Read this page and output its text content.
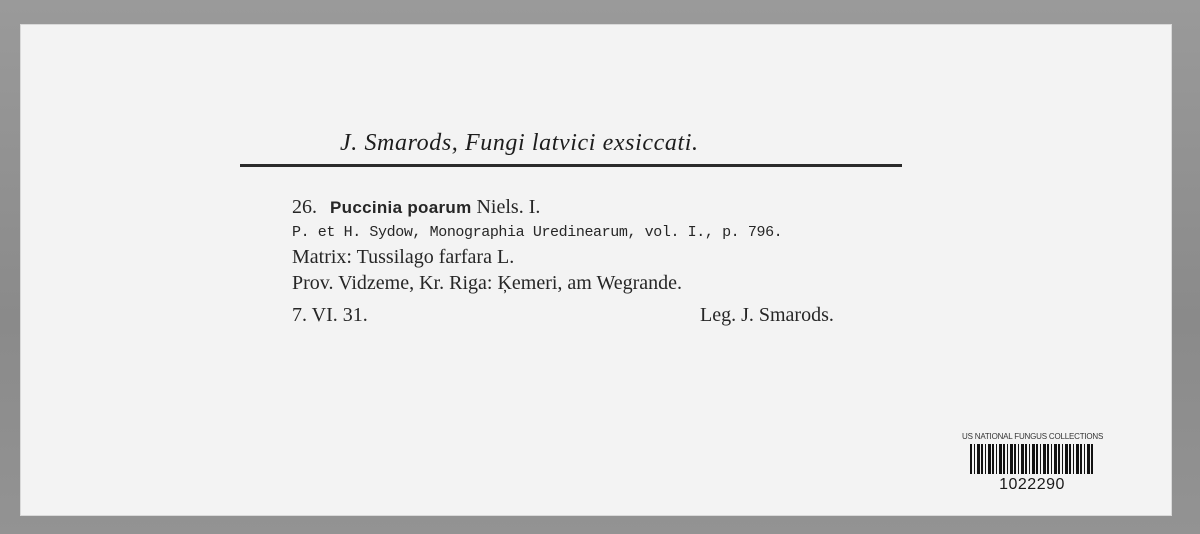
J. Smarods, Fungi latvici exsiccati.
26. Puccinia poarum Niels. I.
P. et H. Sydow, Monographia Uredinearum, vol. I., p. 796.
Matrix: Tussilago farfara L.
Prov. Vidzeme, Kr. Riga: Ķemeri, am Wegrande.
7. VI. 31.	Leg. J. Smarods.
US NATIONAL FUNGUS COLLECTIONS
1022290
